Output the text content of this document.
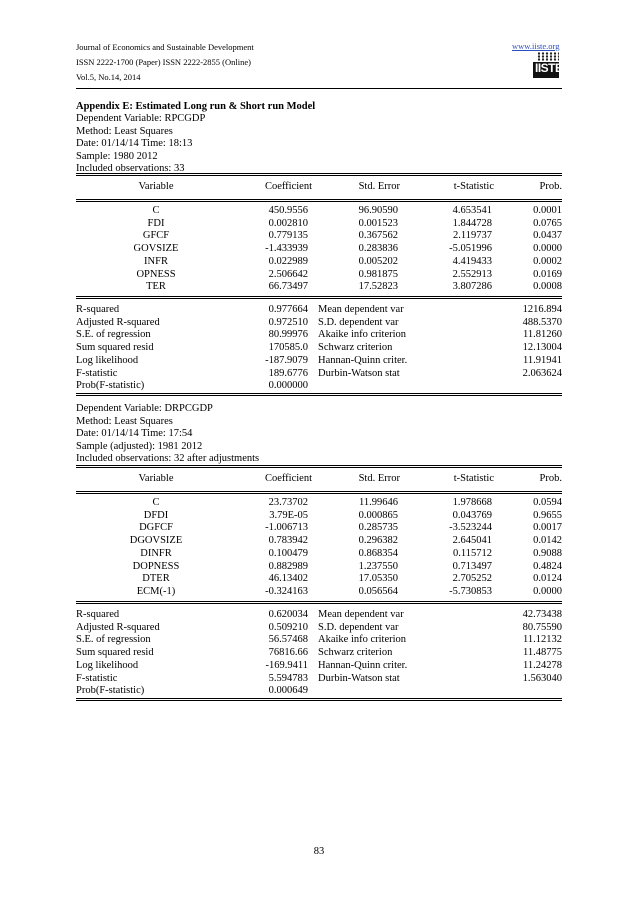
Journal of Economics and Sustainable Development
ISSN 2222-1700 (Paper) ISSN 2222-2855 (Online)
Vol.5, No.14, 2014
www.iiste.org
IISTE
Appendix E: Estimated Long run & Short run Model
Dependent Variable: RPCGDP
Method: Least Squares
Date: 01/14/14 Time: 18:13
Sample: 1980 2012
Included observations: 33
Variable	Coefficient	Std. Error	t-Statistic	Prob.
C	450.9556	96.90590	4.653541	0.0001
FDI	0.002810	0.001523	1.844728	0.0765
GFCF	0.779135	0.367562	2.119737	0.0437
GOVSIZE	-1.433939	0.283836	-5.051996	0.0000
INFR	0.022989	0.005202	4.419433	0.0002
OPNESS	2.506642	0.981875	2.552913	0.0169
TER	66.73497	17.52823	3.807286	0.0008
R-squared	0.977664 Mean dependent var	1216.894
Adjusted R-squared	0.972510 S.D. dependent var	488.5370
S.E. of regression	80.99976 Akaike info criterion	11.81260
Sum squared resid	170585.0 Schwarz criterion	12.13004
Log likelihood	-187.9079 Hannan-Quinn criter.	11.91941
F-statistic	189.6776 Durbin-Watson stat	2.063624
Prob(F-statistic)	0.000000
Dependent Variable: DRPCGDP
Method: Least Squares
Date: 01/14/14 Time: 17:54
Sample (adjusted): 1981 2012
Included observations: 32 after adjustments
Variable	Coefficient	Std. Error	t-Statistic	Prob.
C	23.73702	11.99646	1.978668	0.0594
DFDI	3.79E-05	0.000865	0.043769	0.9655
DGFCF	-1.006713	0.285735	-3.523244	0.0017
DGOVSIZE	0.783942	0.296382	2.645041	0.0142
DINFR	0.100479	0.868354	0.115712	0.9088
DOPNESS	0.882989	1.237550	0.713497	0.4824
DTER	46.13402	17.05350	2.705252	0.0124
ECM(-1)	-0.324163	0.056564	-5.730853	0.0000
R-squared	0.620034 Mean dependent var	42.73438
Adjusted R-squared	0.509210 S.D. dependent var	80.75590
S.E. of regression	56.57468 Akaike info criterion	11.12132
Sum squared resid	76816.66 Schwarz criterion	11.48775
Log likelihood	-169.9411 Hannan-Quinn criter.	11.24278
F-statistic	5.594783 Durbin-Watson stat	1.563040
Prob(F-statistic)	0.000649
83
